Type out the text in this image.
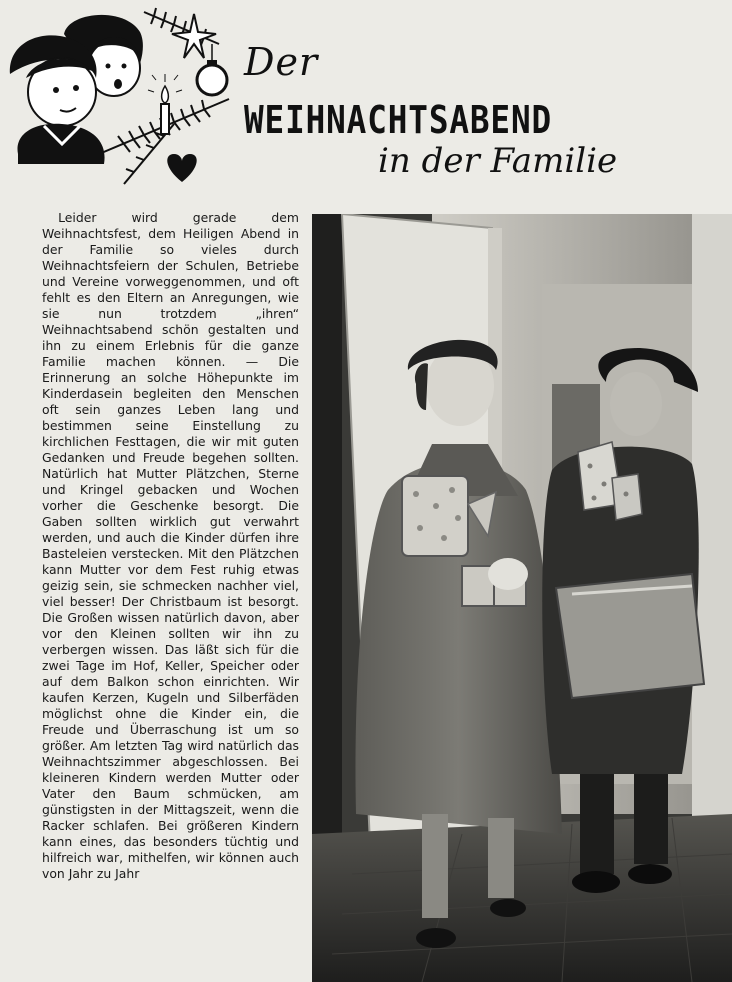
Der
WEIHNACHTSABEND
in der Familie
Leider wird gerade dem Weihnachtsfest, dem Heiligen Abend in der Familie so vieles durch Weihnachtsfeiern der Schulen, Betriebe und Vereine vorweggenommen, und oft fehlt es den Eltern an Anregungen, wie sie nun trotzdem „ihren“ Weihnachtsabend schön gestalten und ihn zu einem Erlebnis für die ganze Familie machen können. — Die Erinnerung an solche Höhepunkte im Kinderdasein begleiten den Menschen oft sein ganzes Leben lang und bestimmen seine Einstellung zu kirchlichen Festtagen, die wir mit guten Gedanken und Freude begehen sollten. Natürlich hat Mutter Plätzchen, Sterne und Kringel gebacken und Wochen vorher die Geschenke besorgt. Die Gaben sollten wirklich gut verwahrt werden, und auch die Kinder dürfen ihre Basteleien verstecken. Mit den Plätzchen kann Mutter vor dem Fest ruhig etwas geizig sein, sie schmecken nachher viel, viel besser! Der Christbaum ist besorgt. Die Großen wissen natürlich davon, aber vor den Kleinen sollten wir ihn zu verbergen wissen. Das läßt sich für die zwei Tage im Hof, Keller, Speicher oder auf dem Balkon schon einrichten. Wir kaufen Kerzen, Kugeln und Silberfäden möglichst ohne die Kinder ein, die Freude und Überraschung ist um so größer. Am letzten Tag wird natürlich das Weihnachtszimmer abgeschlossen. Bei kleineren Kindern werden Mutter oder Vater den Baum schmücken, am günstigsten in der Mittagszeit, wenn die Racker schlafen. Bei größeren Kindern kann eines, das besonders tüchtig und hilfreich war, mithelfen, wir können auch von Jahr zu Jahr
